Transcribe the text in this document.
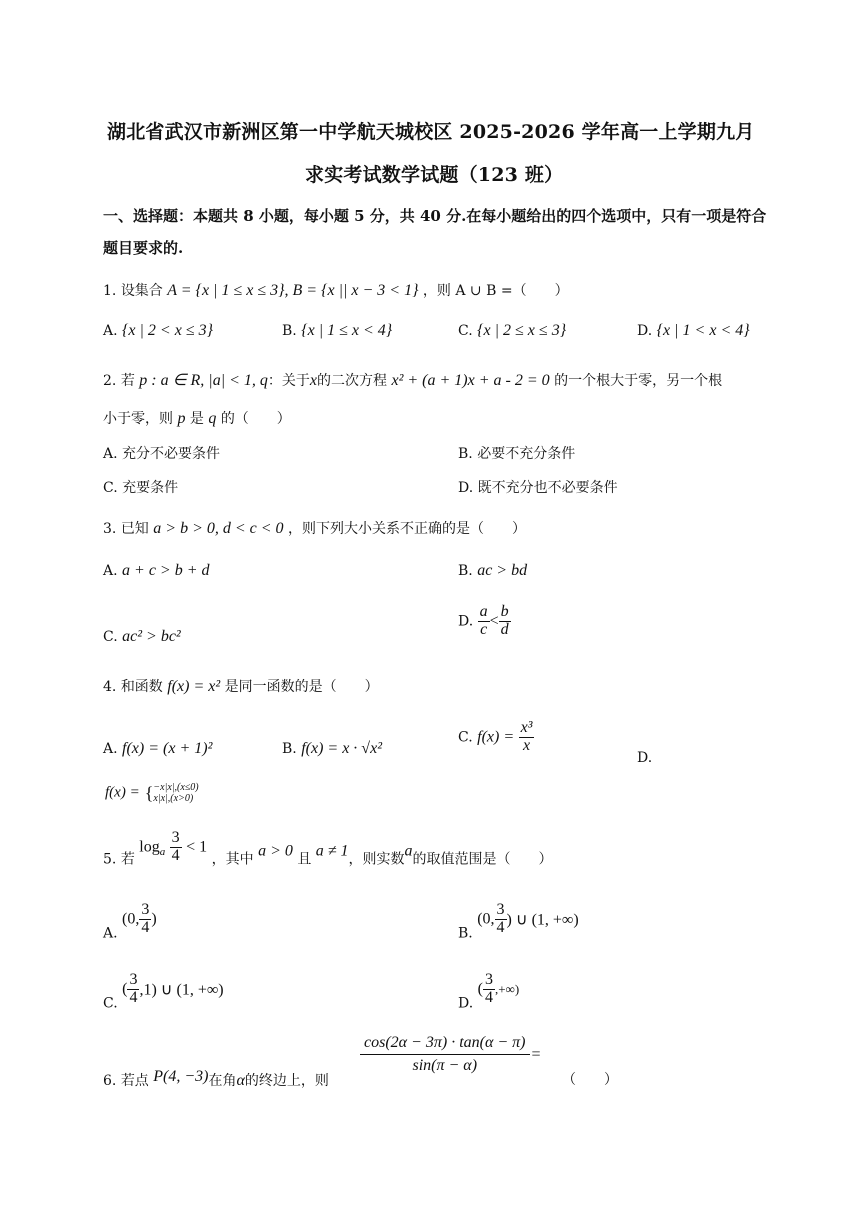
湖北省武汉市新洲区第一中学航天城校区 2025-2026 学年高一上学期九月
求实考试数学试题（123 班）
一、选择题：本题共 8 小题，每小题 5 分，共 40 分.在每小题给出的四个选项中，只有一项是符合
题目要求的.
1. 设集合 A = {x | 1 ≤ x ≤ 3}, B = {x || x − 3 < 1} ，则 A ∪ B =（　　）
A. {x | 2 < x ≤ 3}	B. {x | 1 ≤ x < 4}	C. {x | 2 ≤ x ≤ 3}	D. {x | 1 < x < 4}
2. 若 p : a ∈ R, |a| < 1, q：关于x的二次方程 x² + (a + 1)x + a - 2 = 0 的一个根大于零，另一个根
小于零，则 p 是 q 的（　　）
A. 充分不必要条件	B. 必要不充分条件
C. 充要条件	D. 既不充分也不必要条件
3. 已知 a > b > 0, d < c < 0 ，则下列大小关系不正确的是（　　）
A. a + c > b + d	B. ac > bd
C. ac² > bc²
D. $\frac{a}{c} < \frac{b}{d}$
4. 和函数 f(x) = x² 是同一函数的是（　　）
A. f(x) = (x + 1)²	B. f(x) = x · √x²
C. $f(x) = \frac{\text{x³}}{x}$
D.
f(x) = { −x|x|,(x≤0)
x|x|,(x>0)
5. 若 $\log_a \frac{3}{4} < 1$ ，其中 a > 0 且 a ≠ 1，则实数a的取值范围是（　　）
A. (0, $\frac{3}{4}$ )
B. (0, $\frac{3}{4}$ ) ∪ (1, +∞)
C. ( $\frac{3}{4} ,1$) ∪ (1, +∞)
D. ( $\frac{3}{4}$ ,+∞)
$\frac{\cos(2\alpha - 3\pi) \cdot \tan(\alpha - \pi)}{\sin(\pi - \alpha)}$ =
6. 若点 P(4, −3)在角α的终边上，则	（　　）
